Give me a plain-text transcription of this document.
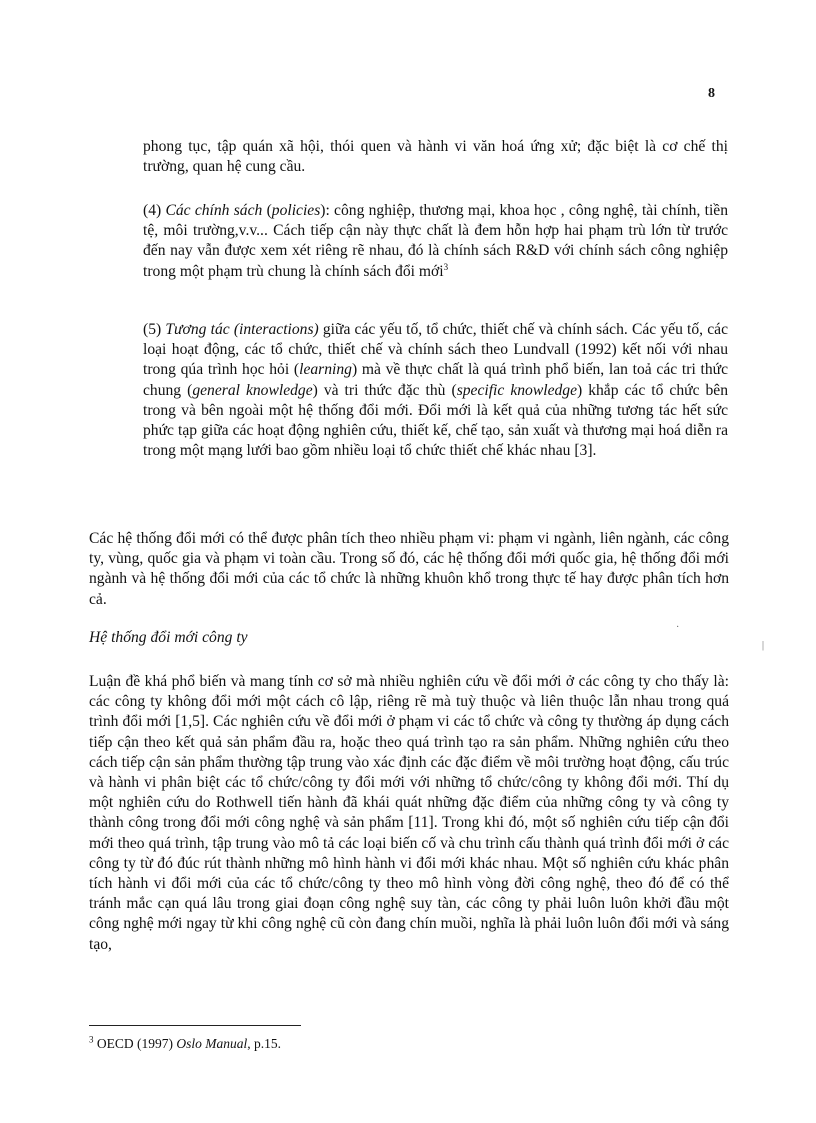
8

phong tục, tập quán xã hội, thói quen và hành vi văn hoá ứng xử; đặc biệt là cơ chế thị trường, quan hệ cung cầu.

(4) Các chính sách (policies): công nghiệp, thương mại, khoa học , công nghệ, tài chính, tiền tệ, môi trường,v.v... Cách tiếp cận này thực chất là đem hỗn hợp hai phạm trù lớn từ trước đến nay vẫn được xem xét riêng rẽ nhau, đó là chính sách R&D với chính sách công nghiệp trong một phạm trù chung là chính sách đổi mới$^3$

(5) Tương tác (interactions) giữa các yếu tố, tổ chức, thiết chế và chính sách. Các yếu tố, các loại hoạt động, các tổ chức, thiết chế và chính sách theo Lundvall (1992) kết nối với nhau trong qúa trình học hỏi (learning) mà về thực chất là quá trình phổ biến, lan toả các tri thức chung (general knowledge) và tri thức đặc thù (specific knowledge) khắp các tổ chức bên trong và bên ngoài một hệ thống đổi mới. Đổi mới là kết quả của những tương tác hết sức phức tạp giữa các hoạt động nghiên cứu, thiết kế, chế tạo, sản xuất và thương mại hoá diễn ra trong một mạng lưới bao gồm nhiều loại tổ chức thiết chế khác nhau [3].

Các hệ thống đổi mới có thể được phân tích theo nhiều phạm vi: phạm vi ngành, liên ngành, các công ty, vùng, quốc gia và phạm vi toàn cầu. Trong số đó, các hệ thống đổi mới quốc gia, hệ thống đổi mới ngành và hệ thống đổi mới của các tổ chức là những khuôn khổ trong thực tế hay được phân tích hơn cả.

Hệ thống đổi mới công ty

Luận đề khá phổ biến và mang tính cơ sở mà nhiều nghiên cứu về đổi mới ở các công ty cho thấy là: các công ty không đổi mới một cách cô lập, riêng rẽ mà tuỳ thuộc và liên thuộc lẫn nhau trong quá trình đổi mới [1,5]. Các nghiên cứu về đổi mới ở phạm vi các tổ chức và công ty thường áp dụng cách tiếp cận theo kết quả sản phẩm đầu ra, hoặc theo quá trình tạo ra sản phẩm. Những nghiên cứu theo cách tiếp cận sản phẩm thường tập trung vào xác định các đặc điểm về môi trường hoạt động, cấu trúc và hành vi phân biệt các tổ chức/công ty đổi mới với những tổ chức/công ty không đổi mới. Thí dụ một nghiên cứu do Rothwell tiến hành đã khái quát những đặc điểm của những công ty và công ty thành công trong đổi mới công nghệ và sản phẩm [11]. Trong khi đó, một số nghiên cứu tiếp cận đổi mới theo quá trình, tập trung vào mô tả các loại biến cố và chu trình cấu thành quá trình đổi mới ở các công ty từ đó đúc rút thành những mô hình hành vi đổi mới khác nhau. Một số nghiên cứu khác phân tích hành vi đổi mới của các tổ chức/công ty theo mô hình vòng đời công nghệ, theo đó để có thể tránh mắc cạn quá lâu trong giai đoạn công nghệ suy tàn, các công ty phải luôn luôn khởi đầu một công nghệ mới ngay từ khi công nghệ cũ còn đang chín muồi, nghĩa là phải luôn luôn đổi mới và sáng tạo,

$^3$ OECD (1997) Oslo Manual, p.15.

·
|
